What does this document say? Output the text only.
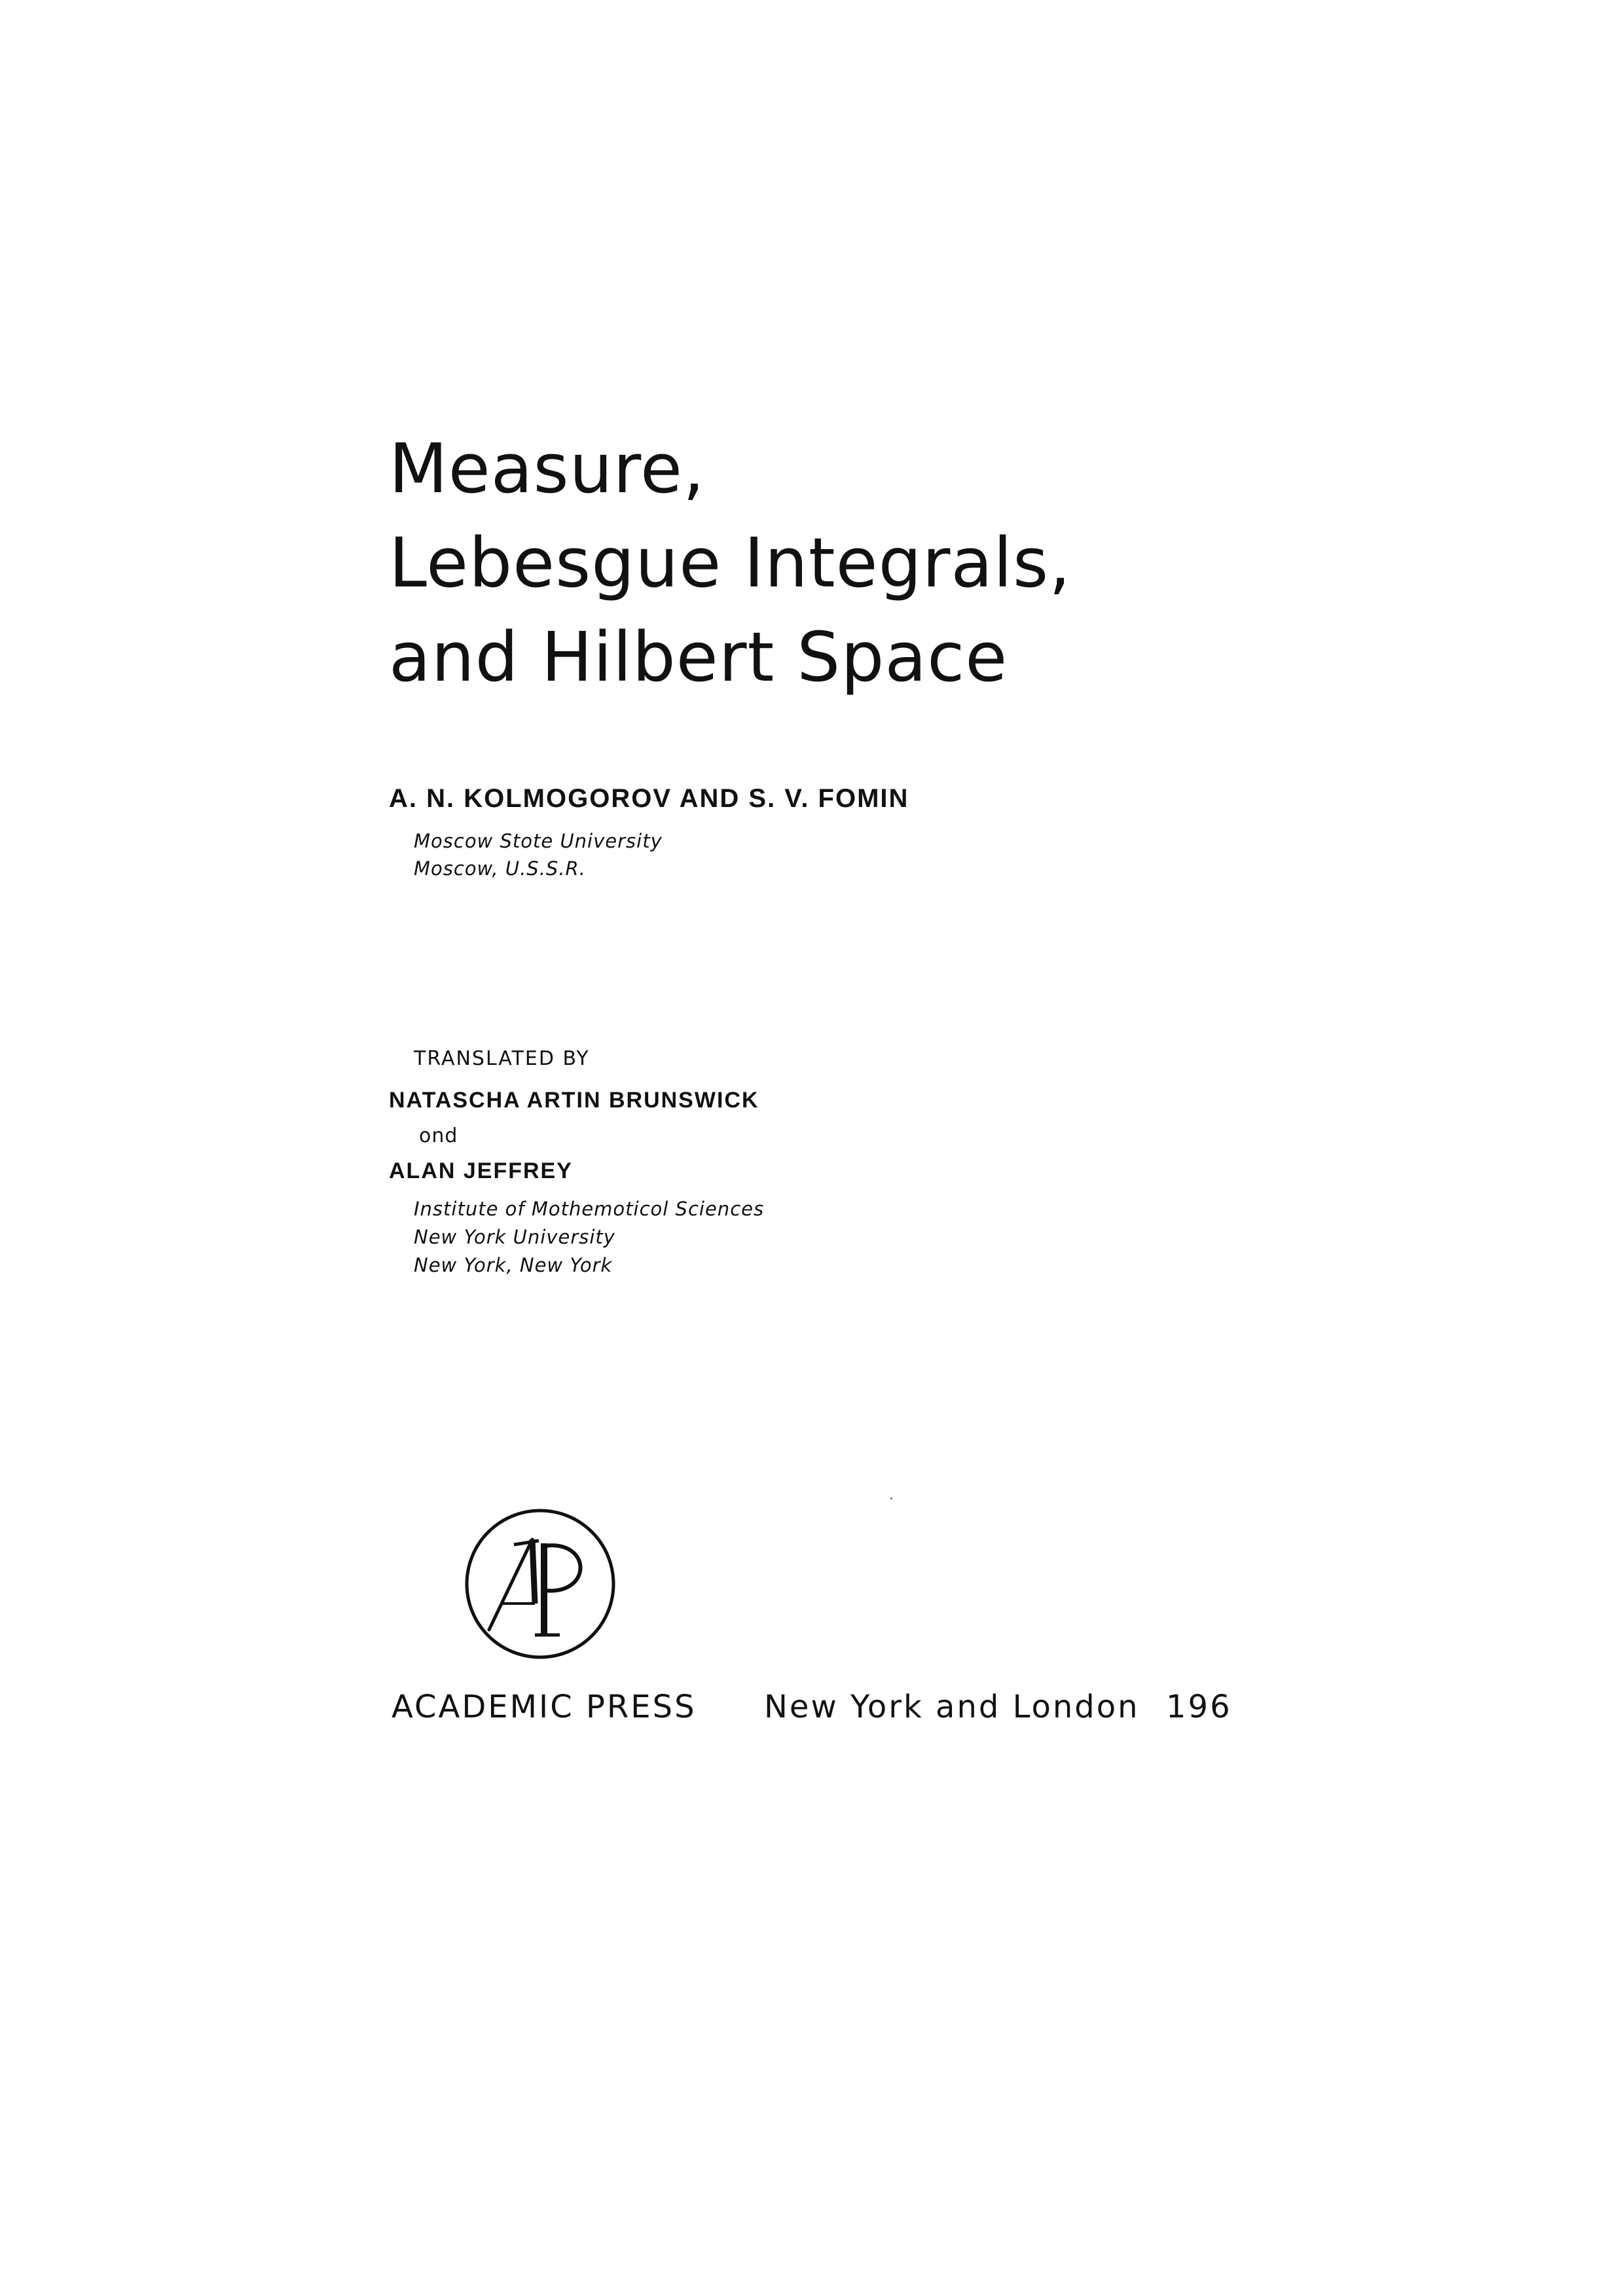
Measure,
Lebesgue Integrals,
and Hilbert Space
A. N. KOLMOGOROV AND S. V. FOMIN
Moscow Stote University
Moscow, U.S.S.R.
TRANSLATED BY
NATASCHA ARTIN BRUNSWICK
ond
ALAN JEFFREY
Institute of Mothemoticol Sciences
New York University
New York, New York
ACADEMIC PRESS New York and London 196
